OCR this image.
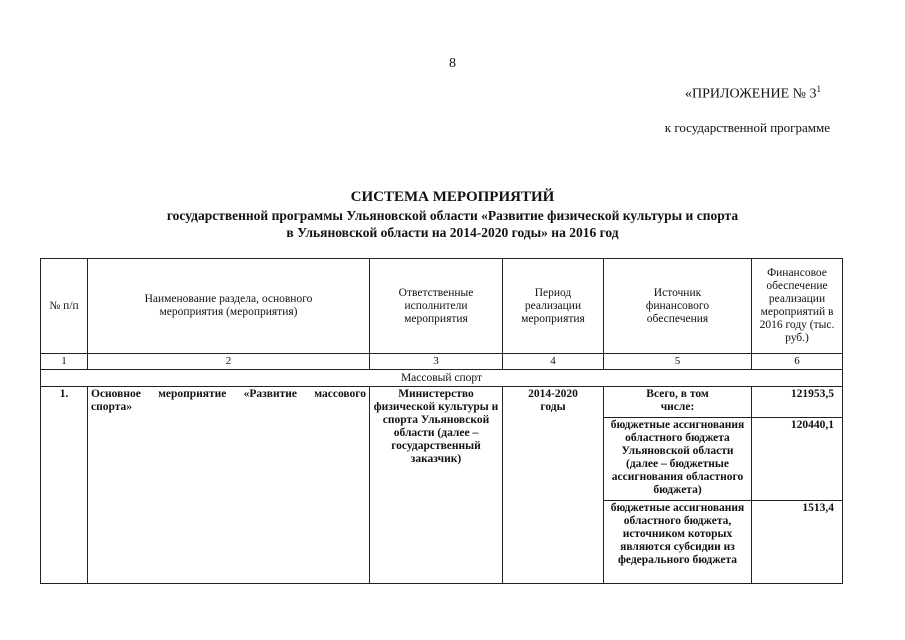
8
«ПРИЛОЖЕНИЕ № $3^1$
к государственной программе
СИСТЕМА МЕРОПРИЯТИЙ
государственной программы Ульяновской области «Развитие физической культуры и спорта
в Ульяновской области на 2014-2020 годы» на 2016 год
№ п/п	Наименование раздела, основного мероприятия (мероприятия)	Ответственные исполнители мероприятия	Период реализации мероприятия	Источник финансового обеспечения	Финансовое обеспечение реализации мероприятий в 2016 году (тыс. руб.)
1	2	3	4	5	6
Массовый спорт					
1.	Основное мероприятие «Развитие массового спорта»	Министерство физической культуры и спорта Ульяновской области (далее – государственный заказчик)	2014-2020 годы	Всего, в том числе:	121953,5
				бюджетные ассигнования областного бюджета Ульяновской области (далее – бюджетные ассигнования областного бюджета)	120440,1
				бюджетные ассигнования областного бюджета, источником которых являются субсидии из федерального бюджета	1513,4
